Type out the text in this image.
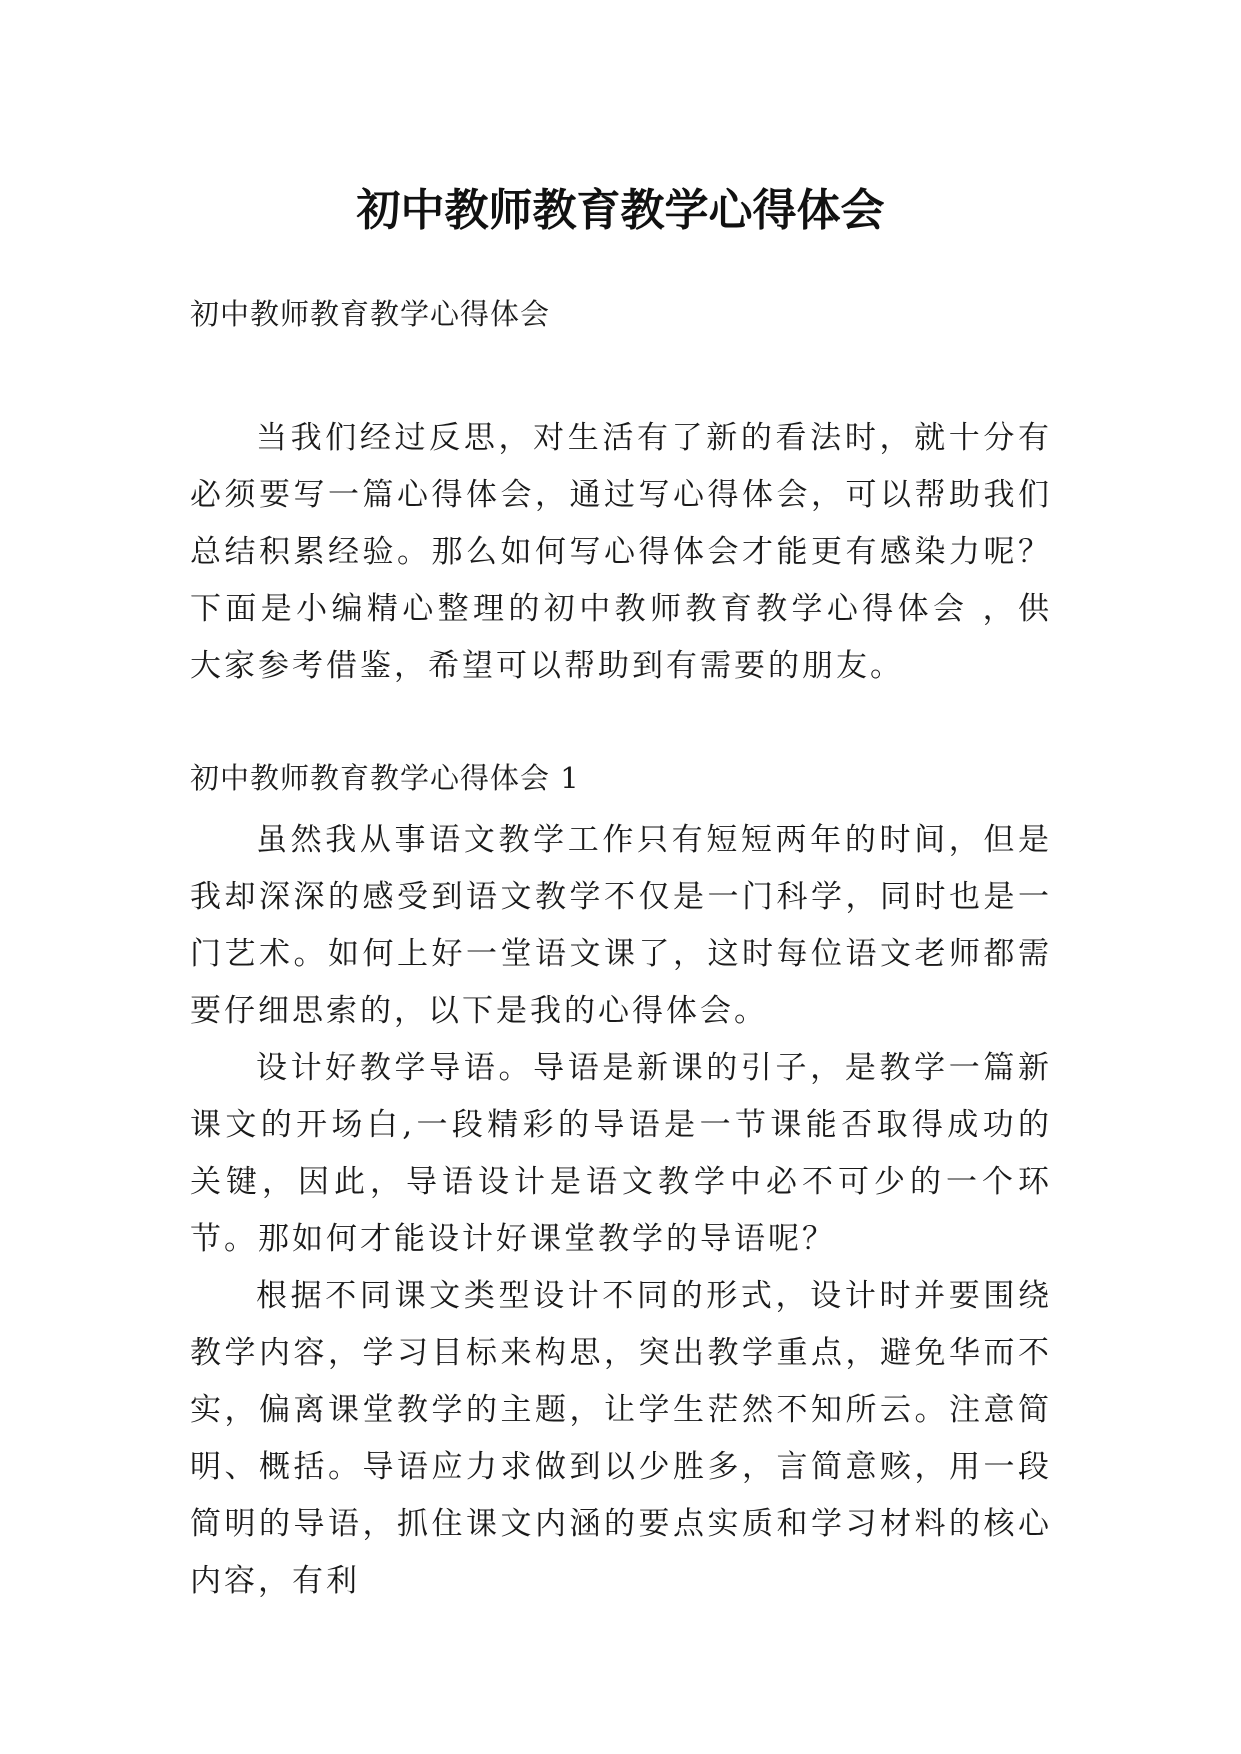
初中教师教育教学心得体会
初中教师教育教学心得体会

当我们经过反思，对生活有了新的看法时，就十分有必须要写一篇心得体会，通过写心得体会，可以帮助我们总结积累经验。那么如何写心得体会才能更有感染力呢？下面是小编精心整理的初中教师教育教学心得体会 ，供大家参考借鉴，希望可以帮助到有需要的朋友。

初中教师教育教学心得体会 1

虽然我从事语文教学工作只有短短两年的时间，但是我却深深的感受到语文教学不仅是一门科学，同时也是一门艺术。如何上好一堂语文课了，这时每位语文老师都需要仔细思索的，以下是我的心得体会。

设计好教学导语。导语是新课的引子，是教学一篇新课文的开场白,一段精彩的导语是一节课能否取得成功的关键，因此，导语设计是语文教学中必不可少的一个环节。那如何才能设计好课堂教学的导语呢？

根据不同课文类型设计不同的形式，设计时并要围绕教学内容，学习目标来构思，突出教学重点，避免华而不实，偏离课堂教学的主题，让学生茫然不知所云。注意简明、概括。导语应力求做到以少胜多，言简意赅，用一段简明的导语，抓住课文内涵的要点实质和学习材料的核心内容，有利
